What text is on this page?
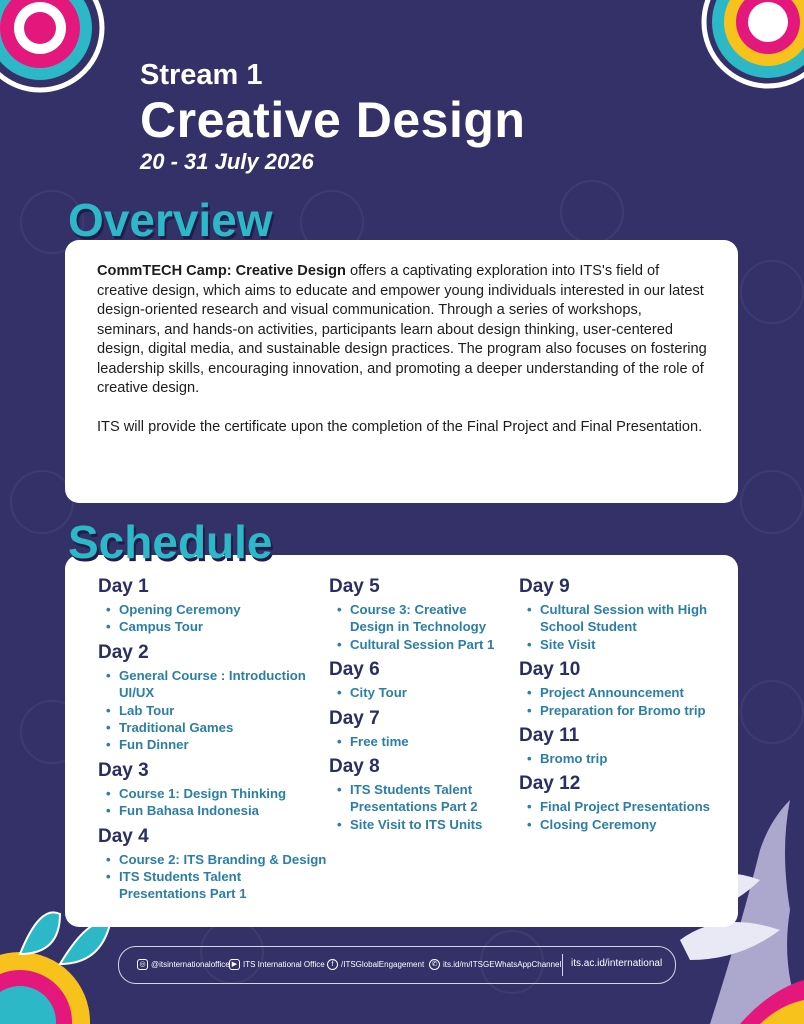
Stream 1
Creative Design
20 - 31 July 2026
Overview

CommTECH Camp: Creative Design offers a captivating exploration into ITS's field of creative design, which aims to educate and empower young individuals interested in our latest design-oriented research and visual communication. Through a series of workshops, seminars, and hands-on activities, participants learn about design thinking, user-centered design, digital media, and sustainable design practices. The program also focuses on fostering leadership skills, encouraging innovation, and promoting a deeper understanding of the role of creative design.

ITS will provide the certificate upon the completion of the Final Project and Final Presentation.

Schedule
Day 1
• Opening Ceremony
• Campus Tour
Day 2
• General Course : Introduction UI/UX
• Lab Tour
• Traditional Games
• Fun Dinner
Day 3
• Course 1: Design Thinking
• Fun Bahasa Indonesia
Day 4
• Course 2: ITS Branding & Design
• ITS Students Talent Presentations Part 1
Day 5
• Course 3: Creative Design in Technology
• Cultural Session Part 1
Day 6
• City Tour
Day 7
• Free time
Day 8
• ITS Students Talent Presentations Part 2
• Site Visit to ITS Units
Day 9
• Cultural Session with High School Student
• Site Visit
Day 10
• Project Announcement
• Preparation for Bromo trip
Day 11
• Bromo trip
Day 12
• Final Project Presentations
• Closing Ceremony
◎ @itsinternationaloffice ▶ ITS International Office f /ITSGlobalEngagement	✆ its.id/m/ITSGEWhatsAppChannel its.ac.id/international
